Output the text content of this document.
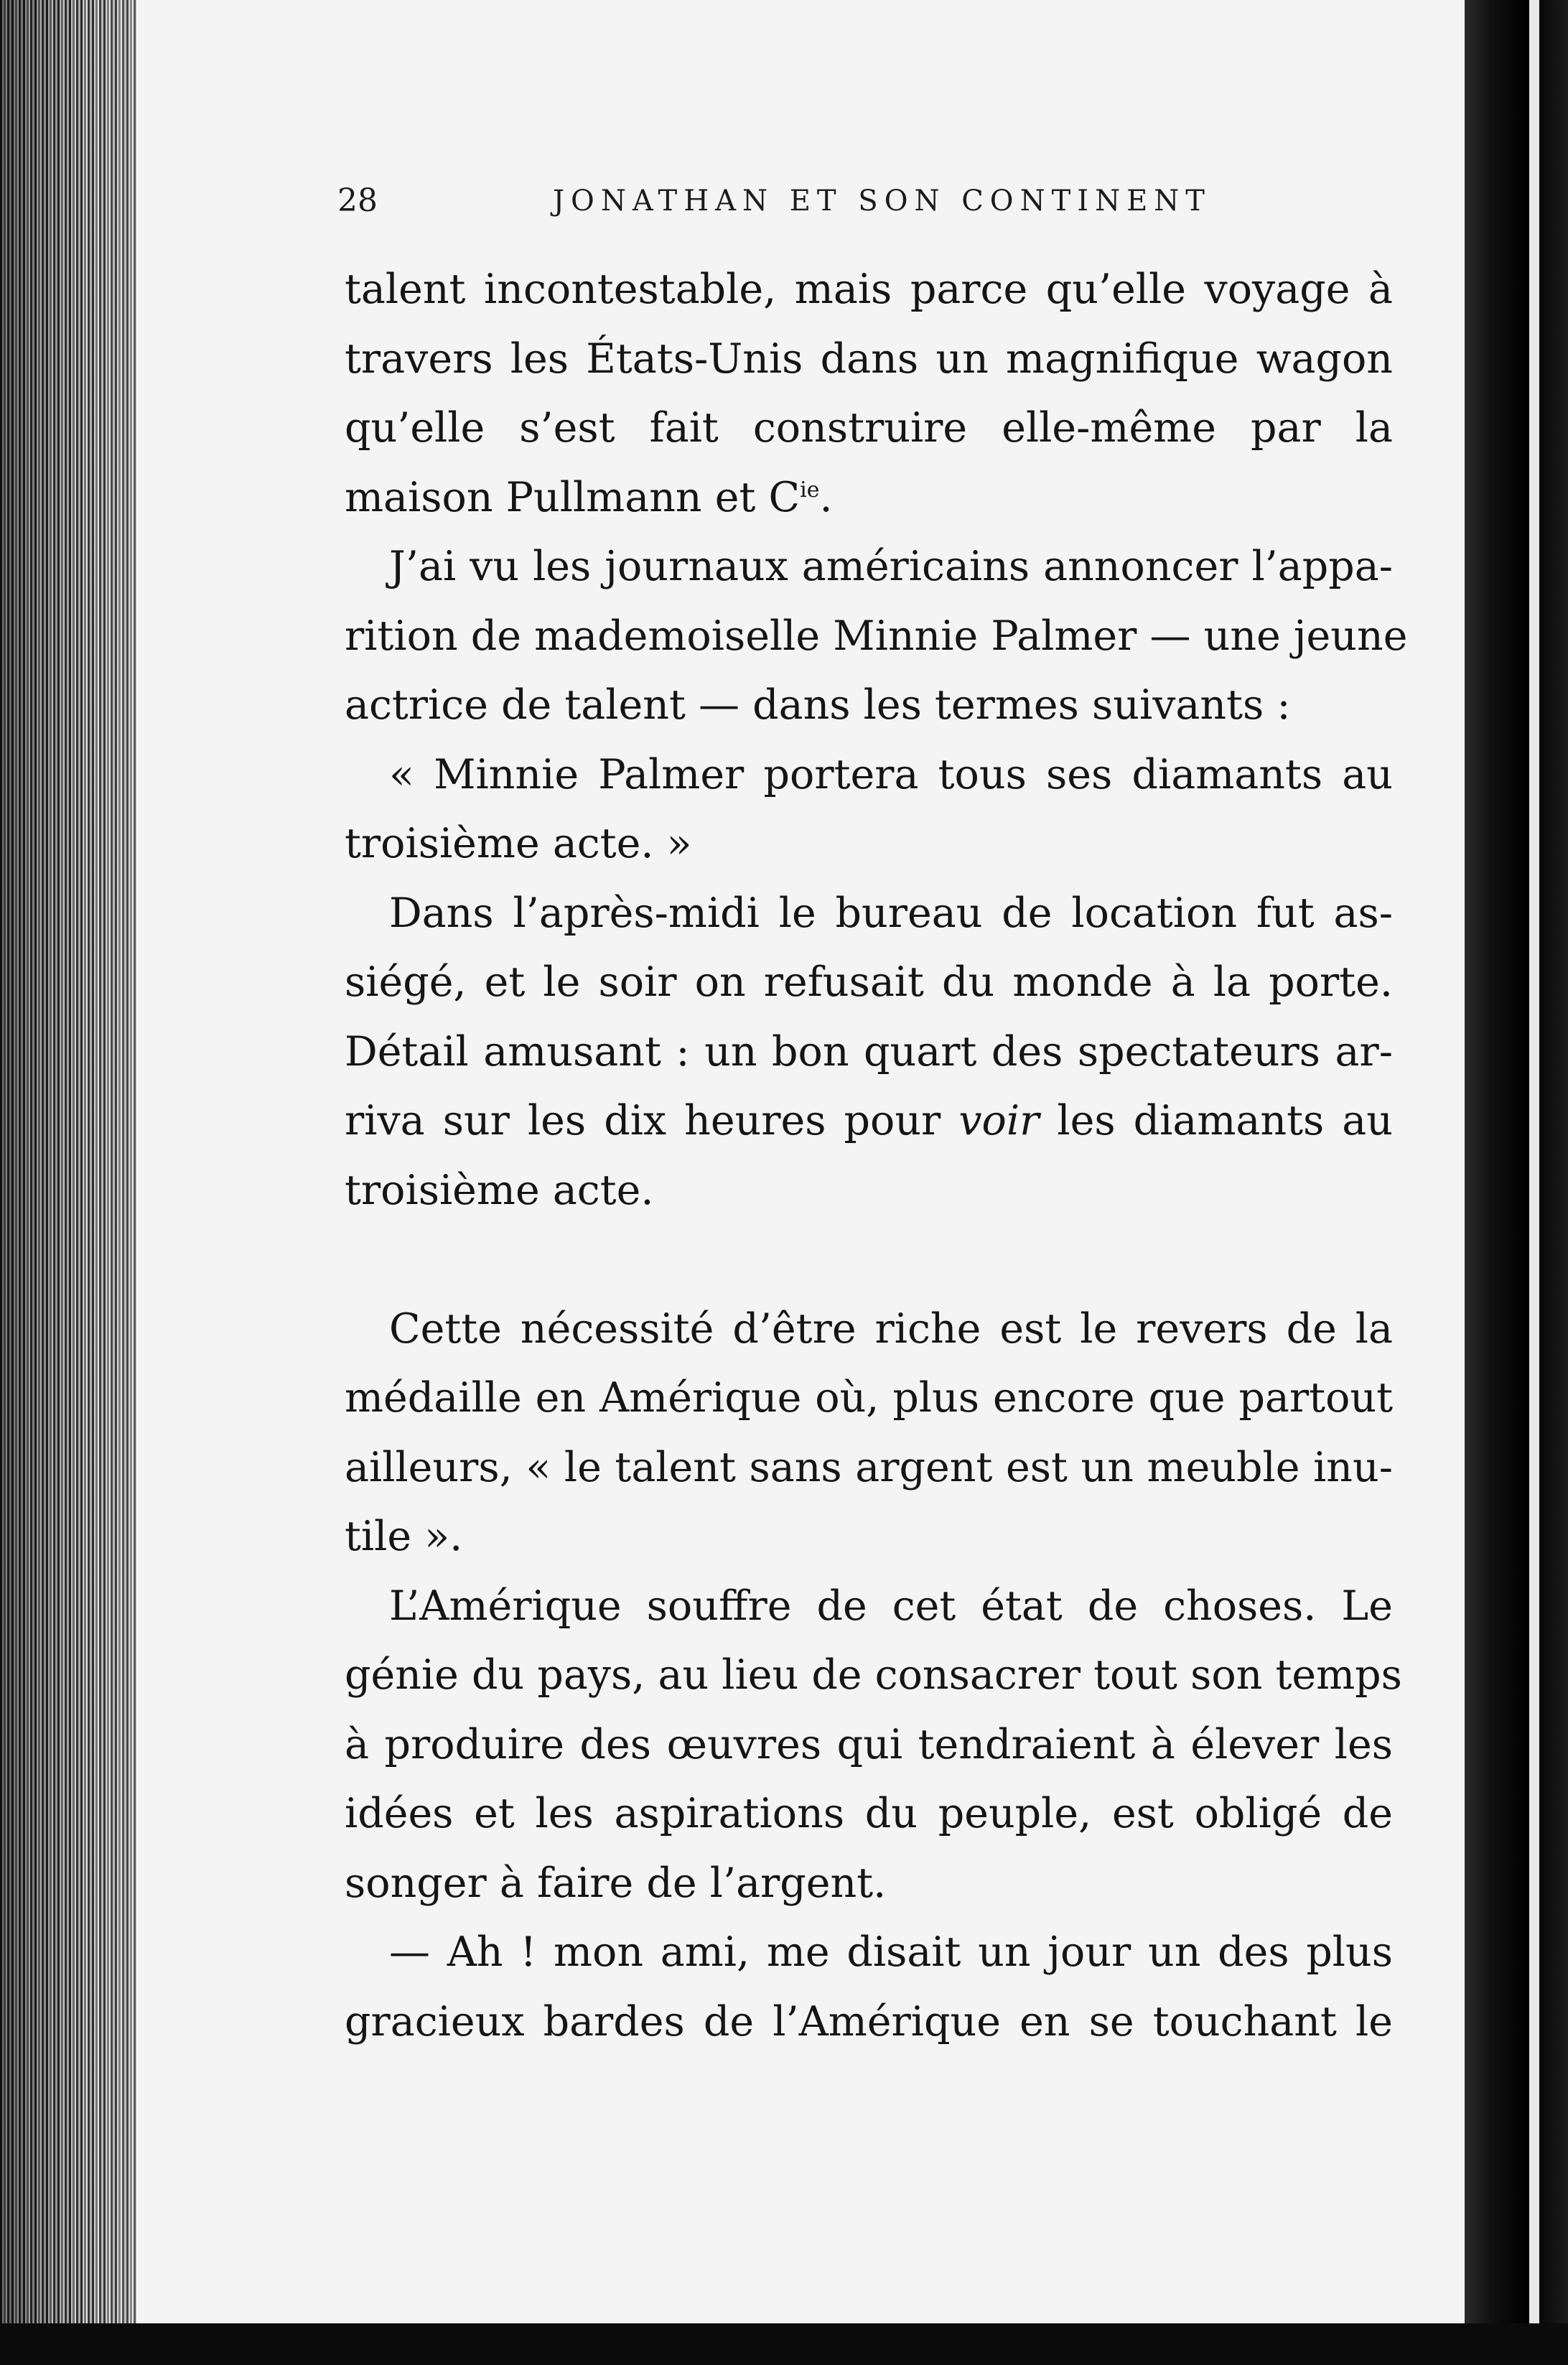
28	JONATHAN ET SON CONTINENT
talent incontestable, mais parce qu’elle voyage à
travers les États-Unis dans un magnifique wagon
qu’elle s’est fait construire elle-même par la
maison Pullmann et $C^{ie}$.
J’ai vu les journaux américains annoncer l’appa-
rition de mademoiselle Minnie Palmer — une jeune
actrice de talent — dans les termes suivants :
« Minnie Palmer portera tous ses diamants au
troisième acte. »
Dans l’après-midi le bureau de location fut as-
siégé, et le soir on refusait du monde à la porte.
Détail amusant : un bon quart des spectateurs ar-
riva sur les dix heures pour voir les diamants au
troisième acte.
Cette nécessité d’être riche est le revers de la
médaille en Amérique où, plus encore que partout
ailleurs, « le talent sans argent est un meuble inu-
tile ».
L’Amérique souffre de cet état de choses. Le
génie du pays, au lieu de consacrer tout son temps
à produire des œuvres qui tendraient à élever les
idées et les aspirations du peuple, est obligé de
songer à faire de l’argent.
— Ah ! mon ami, me disait un jour un des plus
gracieux bardes de l’Amérique en se touchant le
